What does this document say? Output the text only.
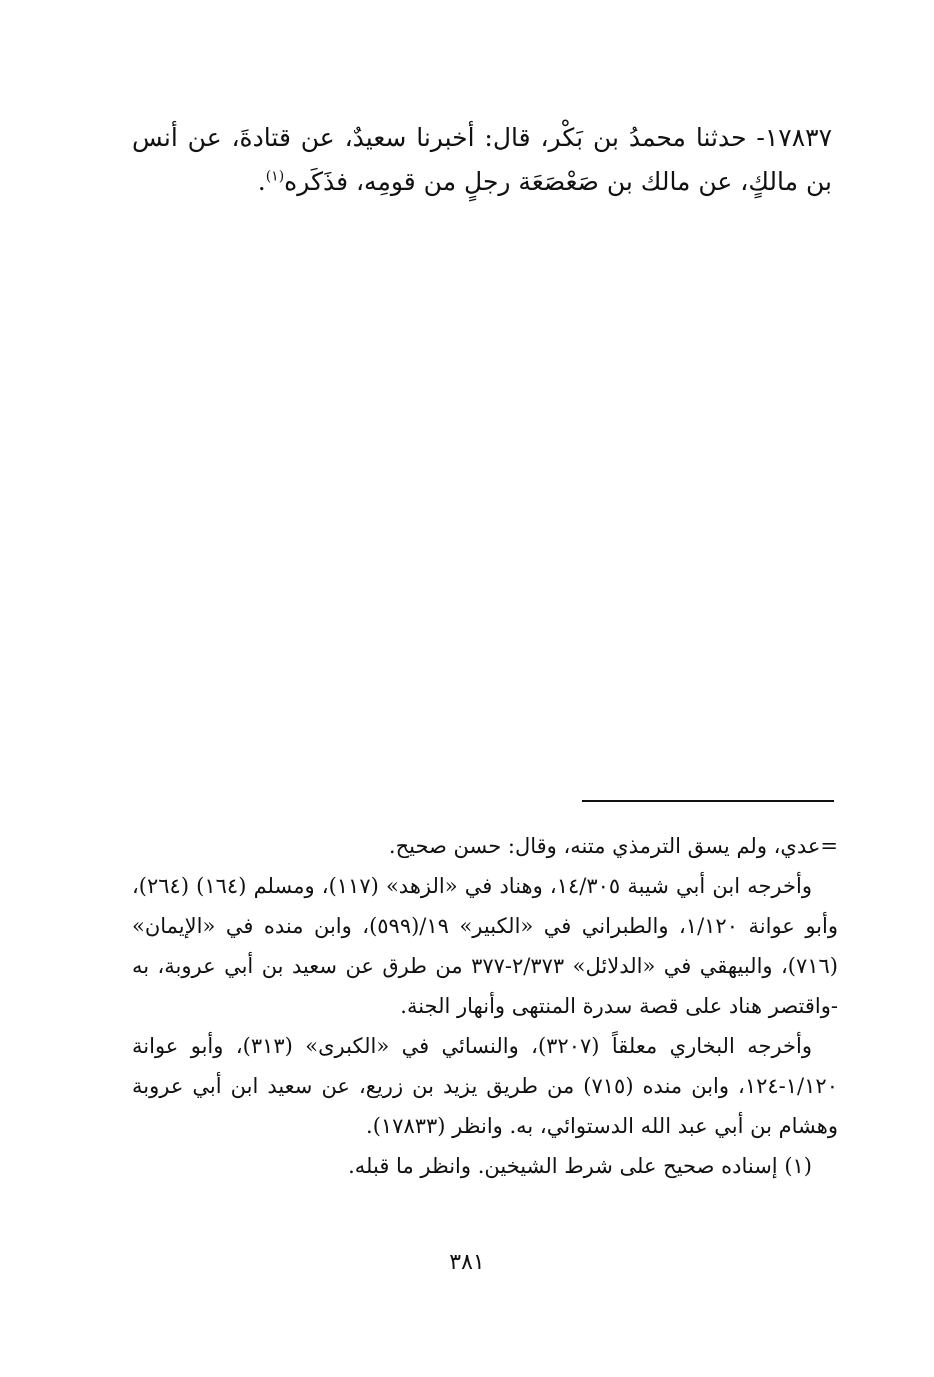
١٧٨٣٧- حدثنا محمدُ بن بَكْر، قال: أخبرنا سعيدٌ، عن قتادةَ، عن أنس بن مالكٍ، عن مالك بن صَعْصَعَة رجلٍ من قومِه، فذَكَره$^{(١)}$.

=عدي، ولم يسق الترمذي متنه، وقال: حسن صحيح.

وأخرجه ابن أبي شيبة ١٤/٣٠٥، وهناد في «الزهد» (١١٧)، ومسلم (١٦٤) (٢٦٤)، وأبو عوانة ١/١٢٠، والطبراني في «الكبير» ١٩/(٥٩٩)، وابن منده في «الإيمان» (٧١٦)، والبيهقي في «الدلائل» ٢/٣٧٣-٣٧٧ من طرق عن سعيد بن أبي عروبة، به -واقتصر هناد على قصة سدرة المنتهى وأنهار الجنة.

وأخرجه البخاري معلقاً (٣٢٠٧)، والنسائي في «الكبرى» (٣١٣)، وأبو عوانة ١/١٢٠-١٢٤، وابن منده (٧١٥) من طريق يزيد بن زريع، عن سعيد ابن أبي عروبة وهشام بن أبي عبد الله الدستوائي، به. وانظر (١٧٨٣٣).

(١) إسناده صحيح على شرط الشيخين. وانظر ما قبله.

٣٨١
